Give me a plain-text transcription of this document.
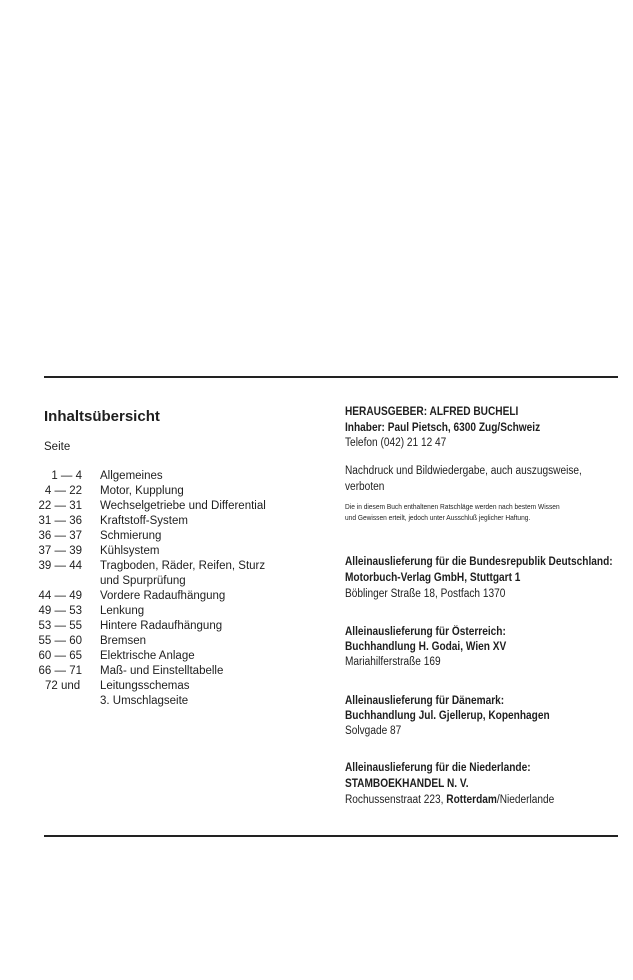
Inhaltsübersicht
Seite
1 — 4 Allgemeines
4 — 22 Motor, Kupplung
22 — 31 Wechselgetriebe und Differential
31 — 36 Kraftstoff-System
36 — 37 Schmierung
37 — 39 Kühlsystem
39 — 44 Tragboden, Räder, Reifen, Sturz
und Spurprüfung
44 — 49 Vordere Radaufhängung
49 — 53 Lenkung
53 — 55 Hintere Radaufhängung
55 — 60 Bremsen
60 — 65 Elektrische Anlage
66 — 71 Maß- und Einstelltabelle
72 und	Leitungsschemas
3. Umschlagseite
HERAUSGEBER: ALFRED BUCHELI
Inhaber: Paul Pietsch, 6300 Zug/Schweiz
Telefon (042) 21 12 47
Nachdruck und Bildwiedergabe, auch auszugsweise,
verboten
Die in diesem Buch enthaltenen Ratschläge werden nach bestem Wissen
und Gewissen erteilt, jedoch unter Ausschluß jeglicher Haftung.
Alleinauslieferung für die Bundesrepublik Deutschland:
Motorbuch-Verlag GmbH, Stuttgart 1
Böblinger Straße 18, Postfach 1370
Alleinauslieferung für Österreich:
Buchhandlung H. Godai, Wien XV
Mariahilferstraße 169
Alleinauslieferung für Dänemark:
Buchhandlung Jul. Gjellerup, Kopenhagen
Solvgade 87
Alleinauslieferung für die Niederlande:
STAMBOEKHANDEL N. V.
Rochussenstraat 223, Rotterdam/Niederlande
